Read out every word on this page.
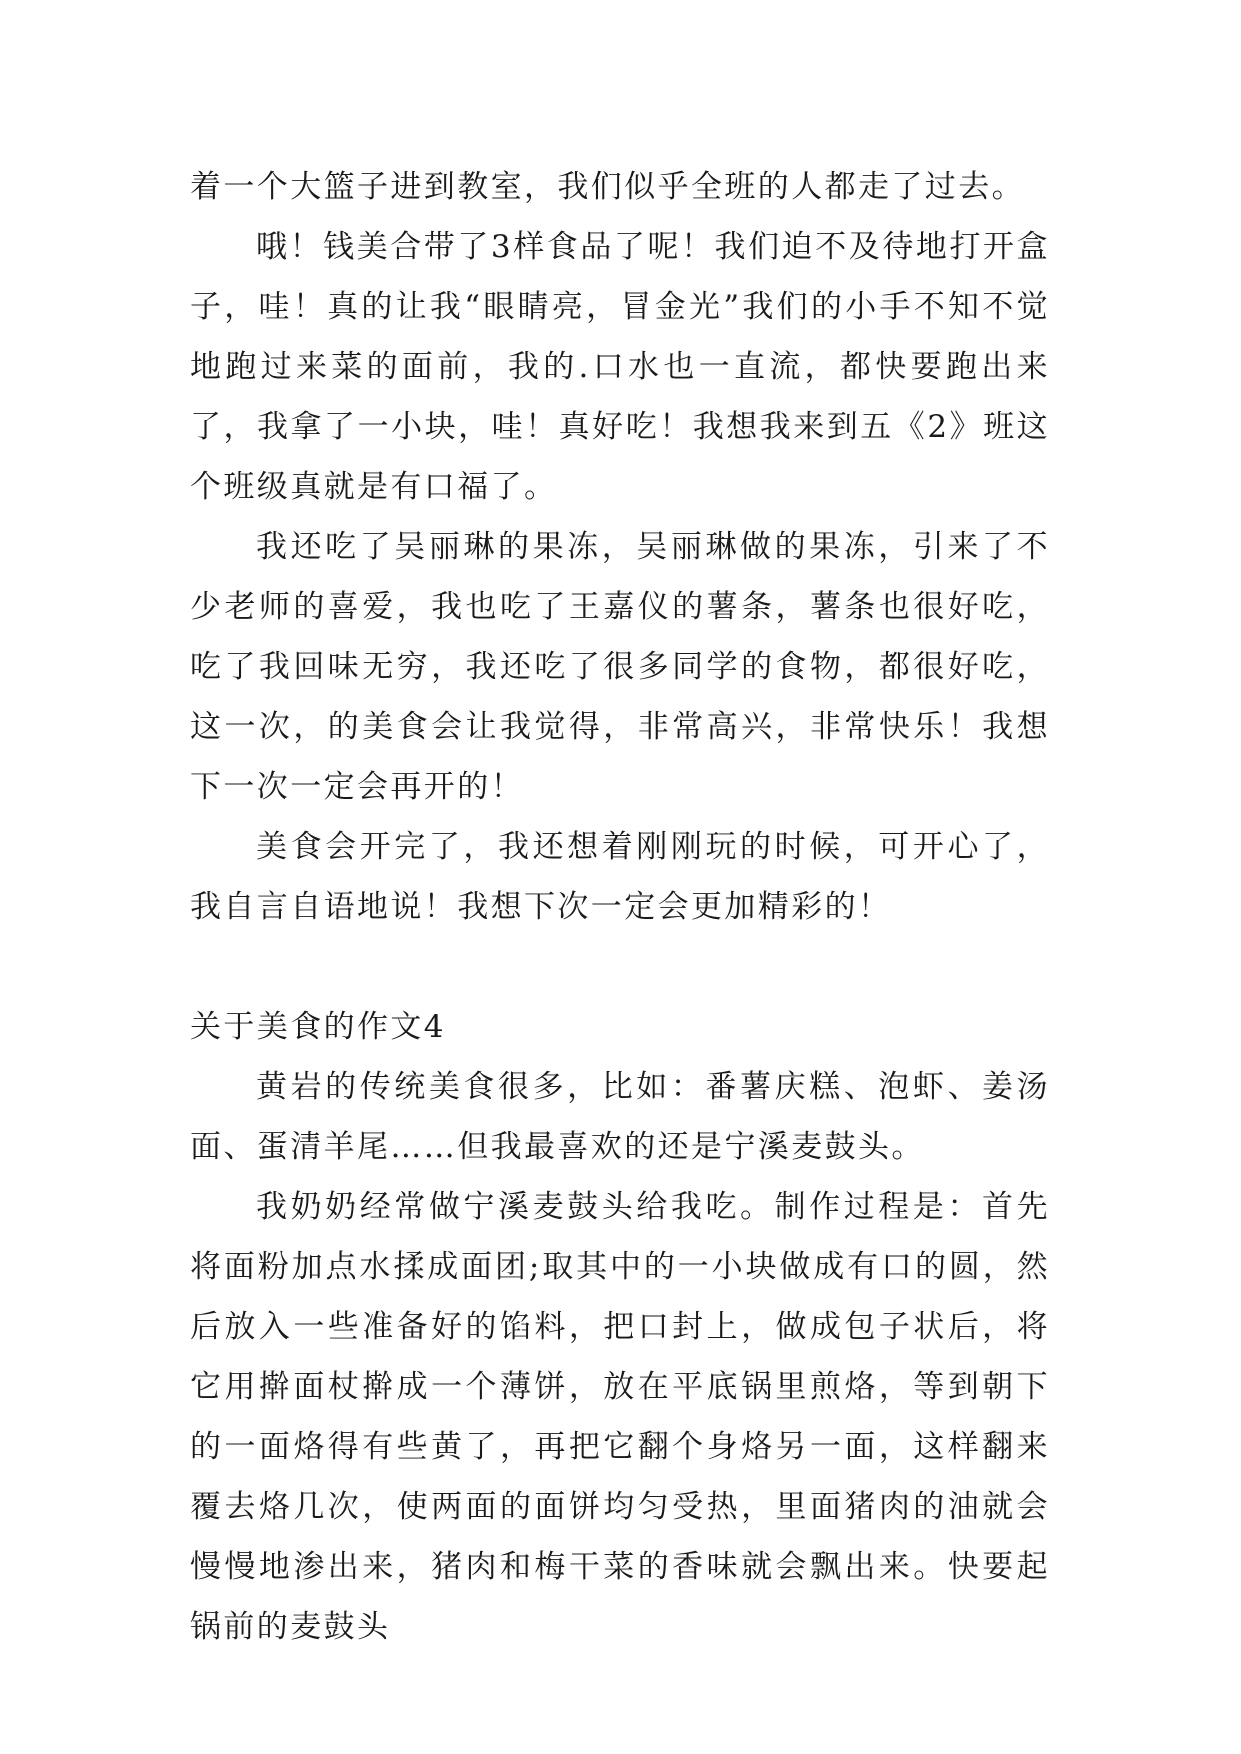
着一个大篮子进到教室，我们似乎全班的人都走了过去。

哦！钱美合带了3样食品了呢！我们迫不及待地打开盒子，哇！真的让我“眼睛亮，冒金光”我们的小手不知不觉地跑过来菜的面前，我的.口水也一直流，都快要跑出来了，我拿了一小块，哇！真好吃！我想我来到五《2》班这个班级真就是有口福了。

我还吃了吴丽琳的果冻，吴丽琳做的果冻，引来了不少老师的喜爱，我也吃了王嘉仪的薯条，薯条也很好吃，吃了我回味无穷，我还吃了很多同学的食物，都很好吃，这一次，的美食会让我觉得，非常高兴，非常快乐！我想下一次一定会再开的！

美食会开完了，我还想着刚刚玩的时候，可开心了，我自言自语地说！我想下次一定会更加精彩的！

关于美食的作文4

黄岩的传统美食很多，比如：番薯庆糕、泡虾、姜汤面、蛋清羊尾……但我最喜欢的还是宁溪麦鼓头。

我奶奶经常做宁溪麦鼓头给我吃。制作过程是：首先将面粉加点水揉成面团;取其中的一小块做成有口的圆，然后放入一些准备好的馅料，把口封上，做成包子状后，将它用擀面杖擀成一个薄饼，放在平底锅里煎烙，等到朝下的一面烙得有些黄了，再把它翻个身烙另一面，这样翻来覆去烙几次，使两面的面饼均匀受热，里面猪肉的油就会慢慢地渗出来，猪肉和梅干菜的香味就会飘出来。快要起锅前的麦鼓头
